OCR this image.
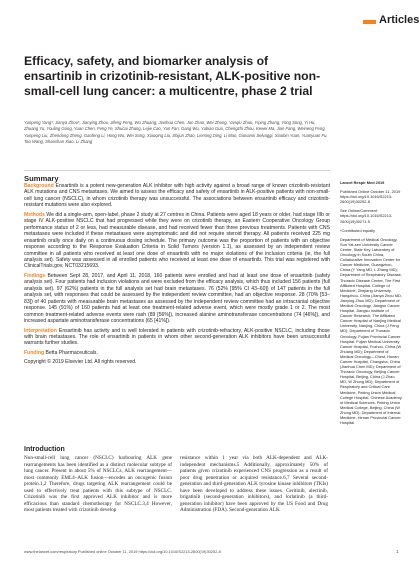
Articles
Efficacy, safety, and biomarker analysis of ensartinib in crizotinib-resistant, ALK-positive non-small-cell lung cancer: a multicentre, phase 2 trial
Yunpeng Yang*, Jianya Zhou*, Jianying Zhou, Jifeng Feng, Wu Zhuang, Jianhua Chen, Jun Zhao, Wei Zhong, Yanqiu Zhao, Yiping Zhang, Yong Song, Yi Hu, Zhuang Yu, Youling Gong, Yuan Chen, Feng Ye, Shucai Zhang, Lejie Cao, Yun Fan, Gang Wu, Yubiao Guo, Chengzhi Zhou, Kewei Ma, Jian Fang, Weineng Feng, Yunpeng Liu, Zhendong Zheng, Gaofeng Li, Hong Wu, Wei Song, Xiaoqing Liu, Shijun Zhao, Lieming Ding, Li Mao, Giovanni Selvaggi, Xiaobin Yuan, Yuanyuan Fu, Tao Wang, Shaoshan Xiao, Li Zhang
Summary

Background Ensartinib is a potent new-generation ALK inhibitor with high activity against a broad range of known crizotinib-resistant ALK mutations and CNS metastases. We aimed to assess the efficacy and safety of ensartinib in ALK-positive patients with non-small-cell lung cancer (NSCLC), in whom crizotinib therapy was unsuccessful. The associations between ensartinib efficacy and crizotinib-resistant mutations were also explored.

Methods We did a single-arm, open-label, phase 2 study at 27 centres in China. Patients were aged 18 years or older, had stage IIIb or stage IV ALK-positive NSCLC that had progressed while they were on crizotinib therapy, an Eastern Cooperative Oncology Group performance status of 2 or less, had measurable disease, and had received fewer than three previous treatments. Patients with CNS metastases were included if these metastases were asymptomatic and did not require steroid therapy. All patients received 225 mg ensartinib orally once daily on a continuous dosing schedule. The primary outcome was the proportion of patients with an objective response according to the Response Evaluation Criteria in Solid Tumors (version 1.1), as assessed by an independent review committee in all patients who received at least one dose of ensartinib with no major violations of the inclusion criteria (ie, the full analysis set). Safety was assessed in all enrolled patients who received at least one dose of ensartinib. This trial was registered with ClinicalTrials.gov, NCT03215693.

Findings Between Sept 28, 2017, and April 11, 2018, 160 patients were enrolled and had at least one dose of ensartinib (safety analysis set). Four patients had inclusion violations and were excluded from the efficacy analysis, which thus included 156 patients (full analysis set). 97 (62%) patients in the full analysis set had brain metastases. 76 (52% [95% CI 43–60]) of 147 patients in the full analysis set, with responses that could be assessed by the independent review committee, had an objective response. 28 (70% [53–83]) of 40 patients with measurable brain metastases as assessed by the independent review committee had an intracranial objective response. 145 (91%) of 160 patients had at least one treatment-related adverse event, which were mostly grade 1 or 2. The most common treatment-related adverse events were rash (89 [56%]), increased alanine aminotransferase concentrations (74 [46%]), and increased aspartate aminotransferase concentrations (65 [41%]).

Interpretation Ensartinib has activity and is well tolerated in patients with crizotinib-refractory, ALK-positive NSCLC, including those with brain metastases. The role of ensartinib in patients in whom other second-generation ALK inhibitors have been unsuccessful warrants further studies.

Funding Betta Pharmaceuticals.

Copyright © 2019 Elsevier Ltd. All rights reserved.

Introduction

Non-small-cell lung cancer (NSCLC) harbouring ALK gene rearrangements has been identified as a distinct molecular subtype of lung cancer. Present in about 5% of NSCLCs, ALK rearrangement—most commonly EML4–ALK fusion—encodes an oncogenic fusion protein.1,2 Therefore, drugs targeting ALK rearrangement could be used to effectively treat patients with this subtype of NSCLC. Crizotinib was the first approved ALK inhibitor and is more efficacious than standard chemotherapy for NSCLC.3,4 However, most patients treated with crizotinib develop

resistance within 1 year via both ALK-dependent and ALK-independent mechanisms.5 Additionally, approximately 50% of patients given crizotinib experienced CNS progression as a result of poor drug penetration or acquired resistance.6,7 Several second-generation and third-generation ALK tyrosine kinase inhibitors (TKIs) have been developed to address these issues. Ceritinib, alectinib, brigatinib (second-generation inhibitors), and lorlatinib (a third-generation inhibitor) have been approved by the US Food and Drug Administration (FDA). Second-generation ALK

Lancet Respir Med 2019
Published Online October 11, 2019 https://doi.org/10.1016/S2213-2600(19)30252-8
See Online/Comment https://doi.org/10.1016/S2213-2600(19)30271-5
*Contributed equally
Department of Medical Oncology, Sun Yat-sen University Cancer Center, State Key Laboratory of Oncology in South China, Collaborative Innovation Center for Cancer Medicine, Guangzhou, China (Y Yang MD, L Zhang MD); Department of Respiratory Disease, Thoracic Disease Center, The First Affiliated Hospital, College of Medicine, Zhejiang University, Hangzhou, China (Jianya Zhou MD, Jianying Zhou MD); Department of Medical Oncology, Jiangsu Cancer Hospital, Jiangsu Institute of Cancer Research, The Affiliated Cancer Hospital of Nanjing Medical University, Nanjing, China (J Feng MD); Department of Thoracic Oncology, Fujian Provincial Cancer Hospital, Fujian Medical University Cancer Hospital, Fuzhou, China (W Zhuang MD); Department of Medical Oncology—Chest, Hunan Cancer Hospital, Changsha, China (Jianhua Chen MD); Department of Thoracic Oncology, Beijing Cancer Hospital, Beijing, China (J Zhao MD, W Zhong MD); Department of Respiratory and Critical Care Medicine, Peking Union Medical College Hospital, Chinese Academy of Medical Sciences, Peking Union Medical College, Beijing, China (W Zhong MD); Department of Internal Medicine, Henan Provincial Cancer Hospital
www.thelancet.com/respiratory Published online October 11, 2019 https://doi.org/10.1016/S2213-2600(19)30252-8	1
